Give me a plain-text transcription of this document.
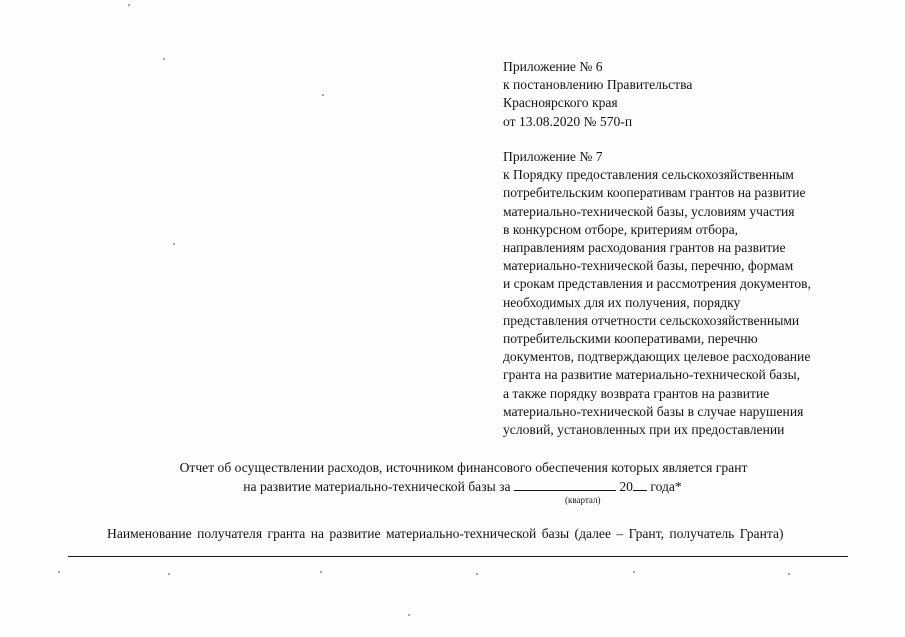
Приложение № 6
к постановлению Правительства
Красноярского края
от 13.08.2020 № 570-п
Приложение № 7
к Порядку предоставления сельскохозяйственным
потребительским кооперативам грантов на развитие
материально-технической базы, условиям участия
в конкурсном отборе, критериям отбора,
направлениям расходования грантов на развитие
материально-технической базы, перечню, формам
и срокам представления и рассмотрения документов,
необходимых для их получения, порядку
представления отчетности сельскохозяйственными
потребительскими кооперативами, перечню
документов, подтверждающих целевое расходование
гранта на развитие материально-технической базы,
а также порядку возврата грантов на развитие
материально-технической базы в случае нарушения
условий, установленных при их предоставлении
Отчет об осуществлении расходов, источником финансового обеспечения которых является грант
на развитие материально-технической базы за	20 года*
(квартал)
Наименование получателя гранта на развитие материально-технической базы (далее – Грант, получатель Гранта)
